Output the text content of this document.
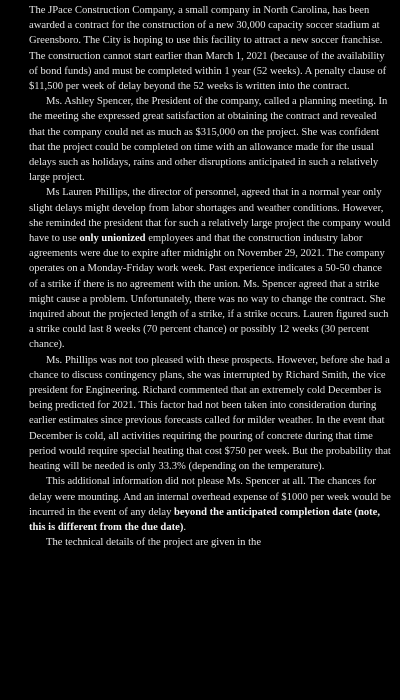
The JPace Construction Company, a small company in North Carolina, has been awarded a contract for the construction of a new 30,000 capacity soccer stadium at Greensboro. The City is hoping to use this facility to attract a new soccer franchise. The construction cannot start earlier than March 1, 2021 (because of the availability of bond funds) and must be completed within 1 year (52 weeks). A penalty clause of $11,500 per week of delay beyond the 52 weeks is written into the contract.

Ms. Ashley Spencer, the President of the company, called a planning meeting. In the meeting she expressed great satisfaction at obtaining the contract and revealed that the company could net as much as $315,000 on the project. She was confident that the project could be completed on time with an allowance made for the usual delays such as holidays, rains and other disruptions anticipated in such a relatively large project.

Ms Lauren Phillips, the director of personnel, agreed that in a normal year only slight delays might develop from labor shortages and weather conditions. However, she reminded the president that for such a relatively large project the company would have to use only unionized employees and that the construction industry labor agreements were due to expire after midnight on November 29, 2021. The company operates on a Monday-Friday work week. Past experience indicates a 50-50 chance of a strike if there is no agreement with the union. Ms. Spencer agreed that a strike might cause a problem. Unfortunately, there was no way to change the contract. She inquired about the projected length of a strike, if a strike occurs. Lauren figured such a strike could last 8 weeks (70 percent chance) or possibly 12 weeks (30 percent chance).

Ms. Phillips was not too pleased with these prospects. However, before she had a chance to discuss contingency plans, she was interrupted by Richard Smith, the vice president for Engineering. Richard commented that an extremely cold December is being predicted for 2021. This factor had not been taken into consideration during earlier estimates since previous forecasts called for milder weather. In the event that December is cold, all activities requiring the pouring of concrete during that time period would require special heating that cost $750 per week. But the probability that heating will be needed is only 33.3% (depending on the temperature).

This additional information did not please Ms. Spencer at all. The chances for delay were mounting. And an internal overhead expense of $1000 per week would be incurred in the event of any delay beyond the anticipated completion date (note, this is different from the due date).

The technical details of the project are given in the
